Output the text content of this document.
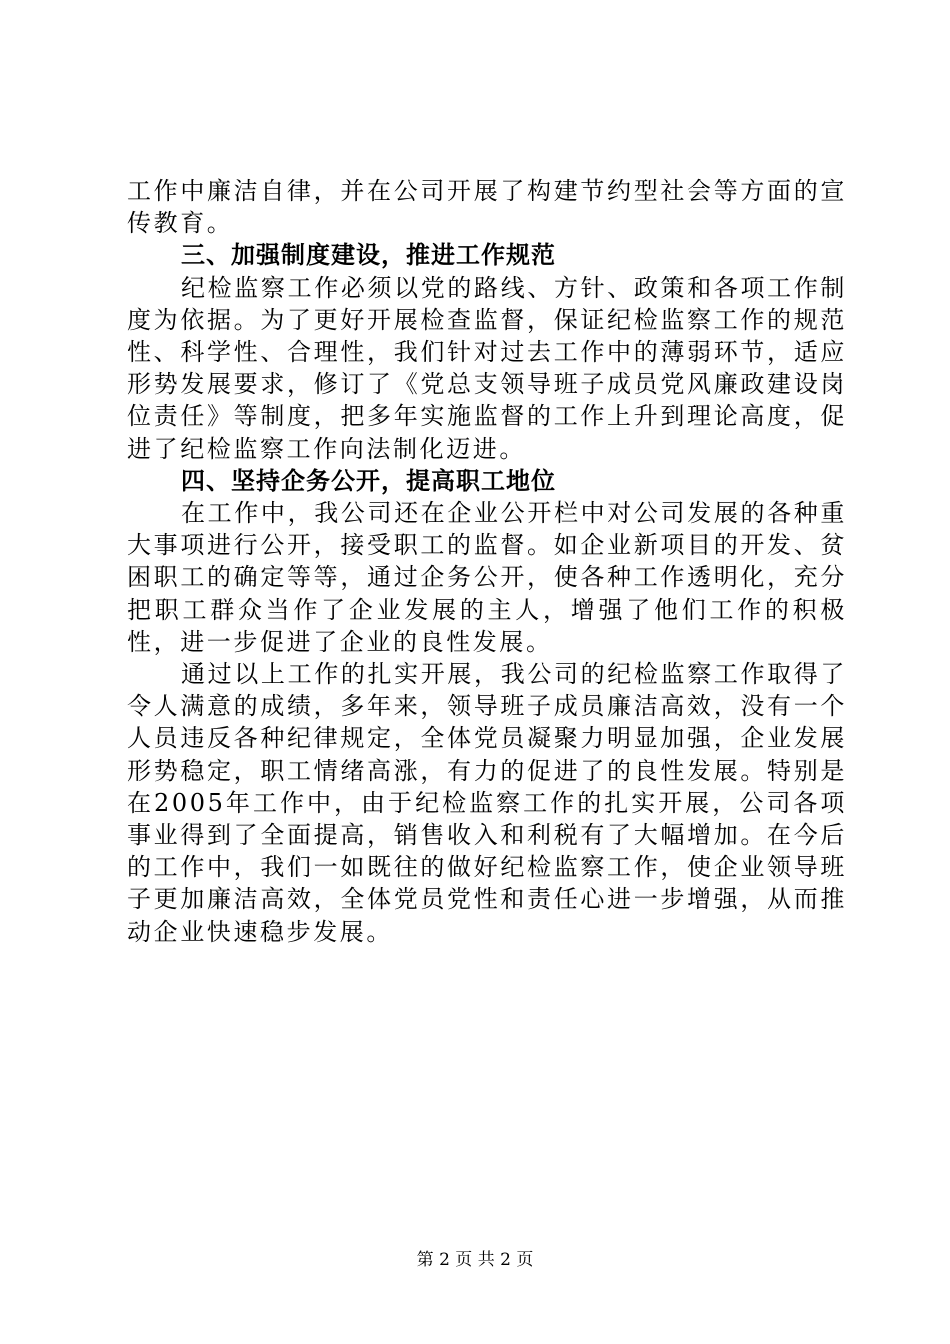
工作中廉洁自律，并在公司开展了构建节约型社会等方面的宣传教育。

三、加强制度建设，推进工作规范

纪检监察工作必须以党的路线、方针、政策和各项工作制度为依据。为了更好开展检查监督，保证纪检监察工作的规范性、科学性、合理性，我们针对过去工作中的薄弱环节，适应形势发展要求，修订了《党总支领导班子成员党风廉政建设岗位责任》等制度，把多年实施监督的工作上升到理论高度，促进了纪检监察工作向法制化迈进。

四、坚持企务公开，提高职工地位

在工作中，我公司还在企业公开栏中对公司发展的各种重大事项进行公开，接受职工的监督。如企业新项目的开发、贫困职工的确定等等，通过企务公开，使各种工作透明化，充分把职工群众当作了企业发展的主人，增强了他们工作的积极性，进一步促进了企业的良性发展。

通过以上工作的扎实开展，我公司的纪检监察工作取得了令人满意的成绩，多年来，领导班子成员廉洁高效，没有一个人员违反各种纪律规定，全体党员凝聚力明显加强，企业发展形势稳定，职工情绪高涨，有力的促进了的良性发展。特别是在2005年工作中，由于纪检监察工作的扎实开展，公司各项事业得到了全面提高，销售收入和利税有了大幅增加。在今后的工作中，我们一如既往的做好纪检监察工作，使企业领导班子更加廉洁高效，全体党员党性和责任心进一步增强，从而推动企业快速稳步发展。

第 2 页 共 2 页
